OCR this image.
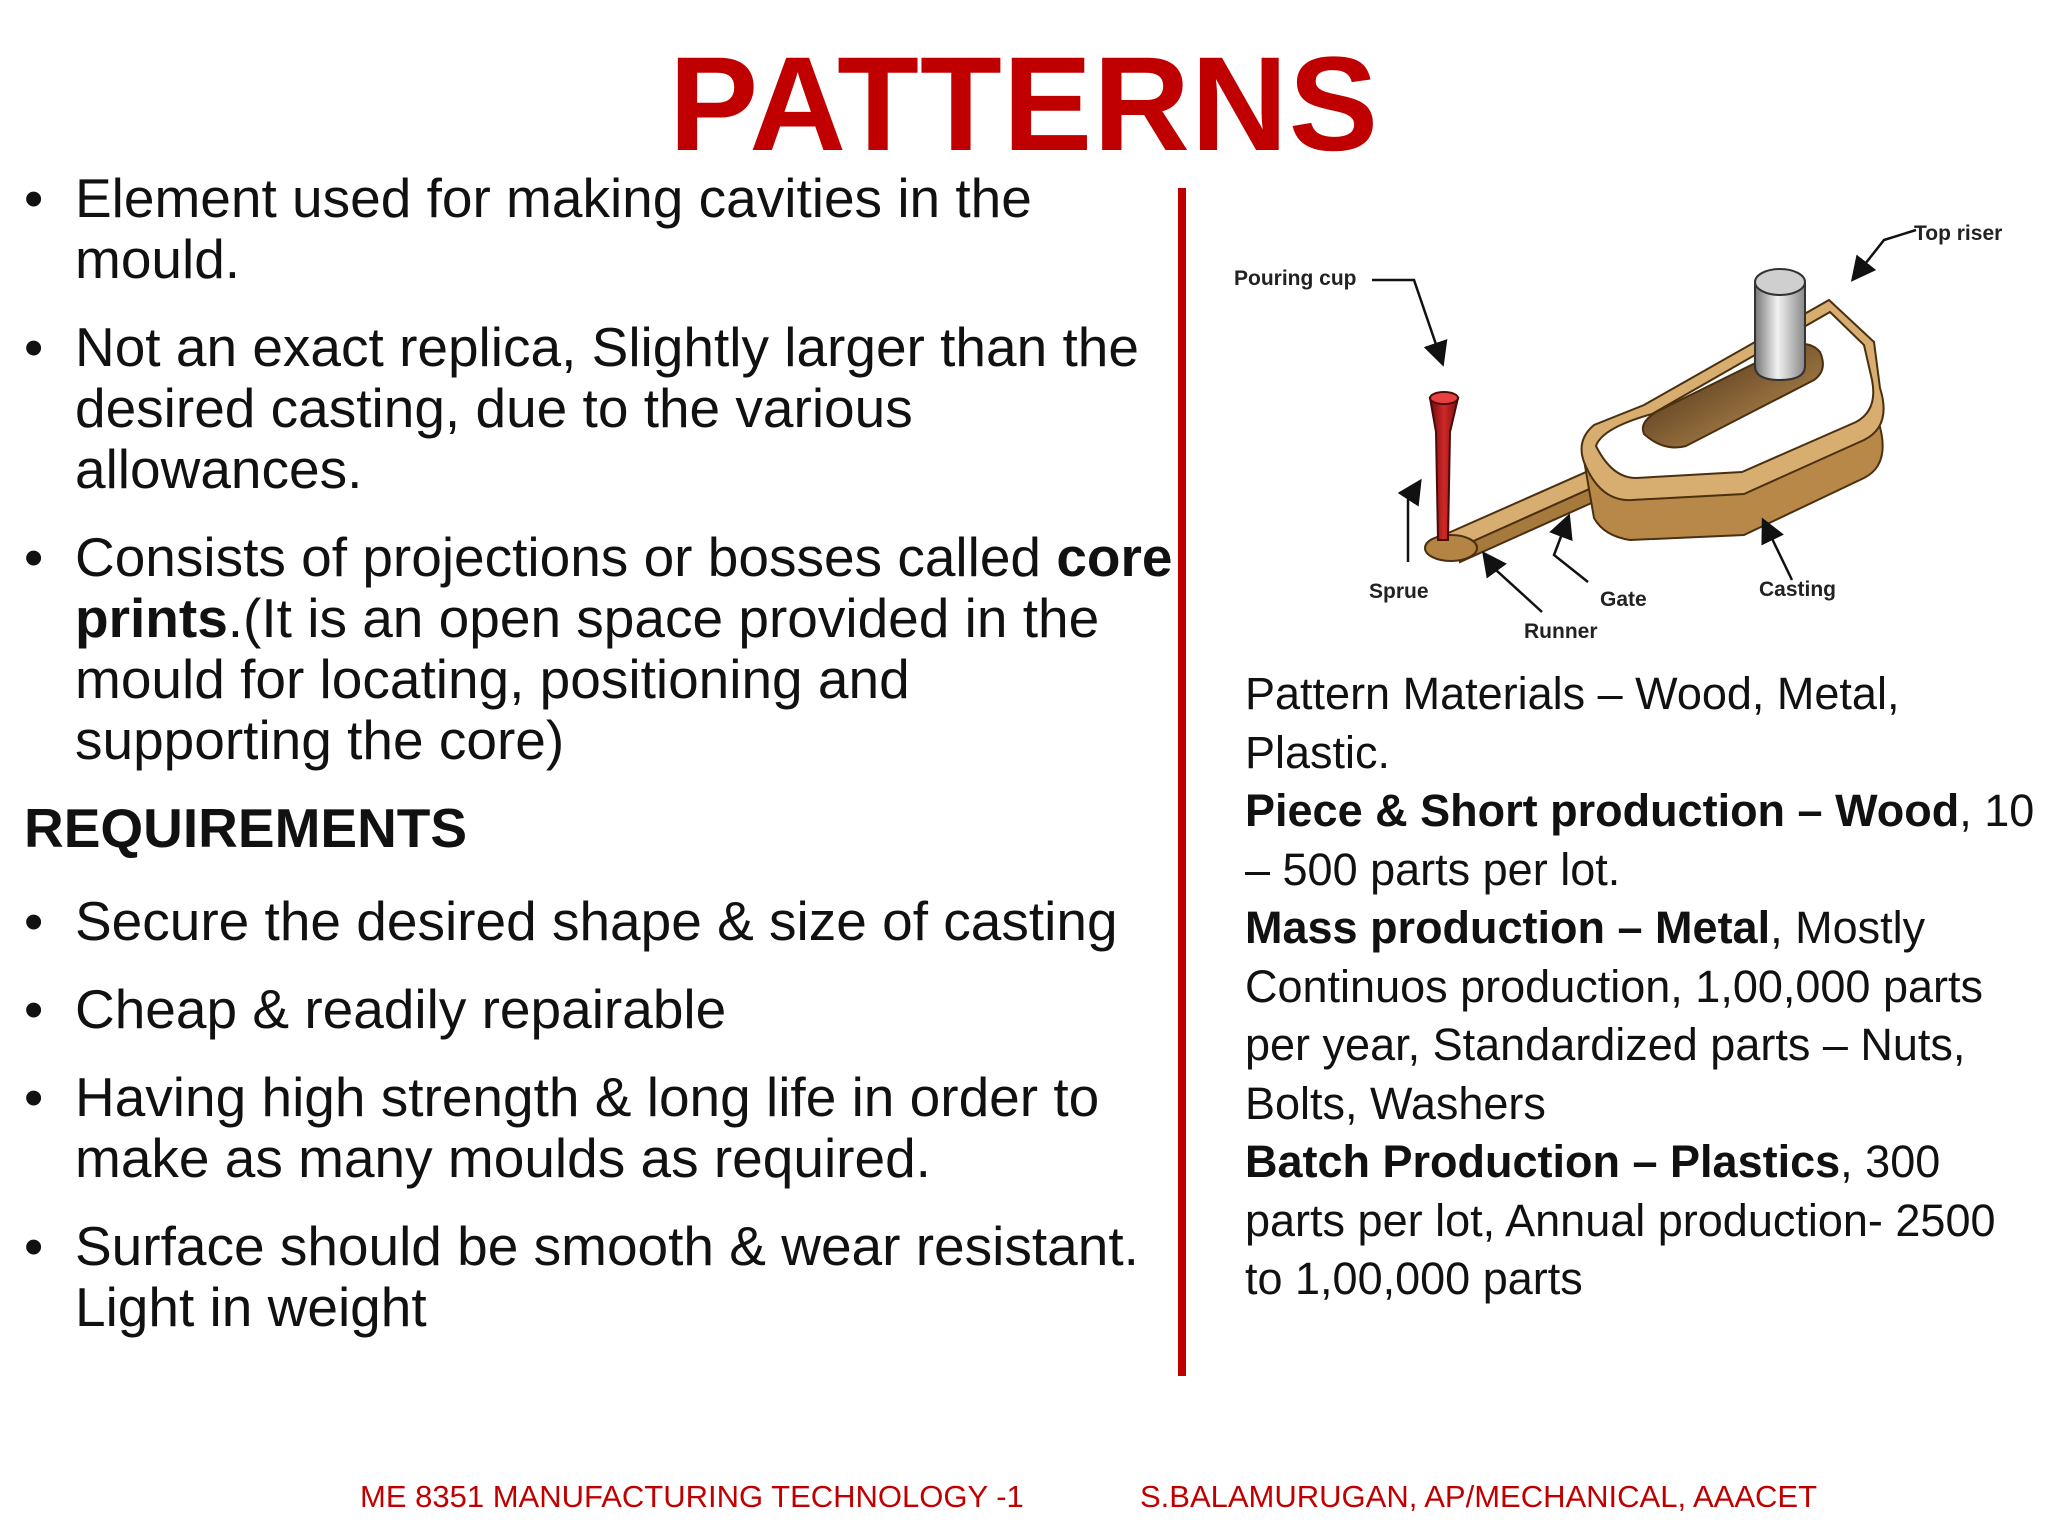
PATTERNS
• Element used for making cavities in the mould.
• Not an exact replica, Slightly larger than the desired casting, due to the various allowances.
• Consists of projections or bosses called core prints.(It is an open space provided in the mould for locating, positioning and supporting the core)
REQUIREMENTS
• Secure the desired shape & size of casting
• Cheap & readily repairable
• Having high strength & long life in order to make as many moulds as required.
• Surface should be smooth & wear resistant. Light in weight
Pouring cup
Top riser
Sprue	Gate
Runner
Casting
Pattern Materials – Wood, Metal, Plastic.
Piece & Short production – Wood, 10 – 500 parts per lot.
Mass production – Metal, Mostly Continuos production, 1,00,000 parts per year, Standardized parts – Nuts, Bolts, Washers
Batch Production – Plastics, 300 parts per lot, Annual production- 2500 to 1,00,000 parts
ME 8351 MANUFACTURING TECHNOLOGY -1	S.BALAMURUGAN, AP/MECHANICAL, AAACET
